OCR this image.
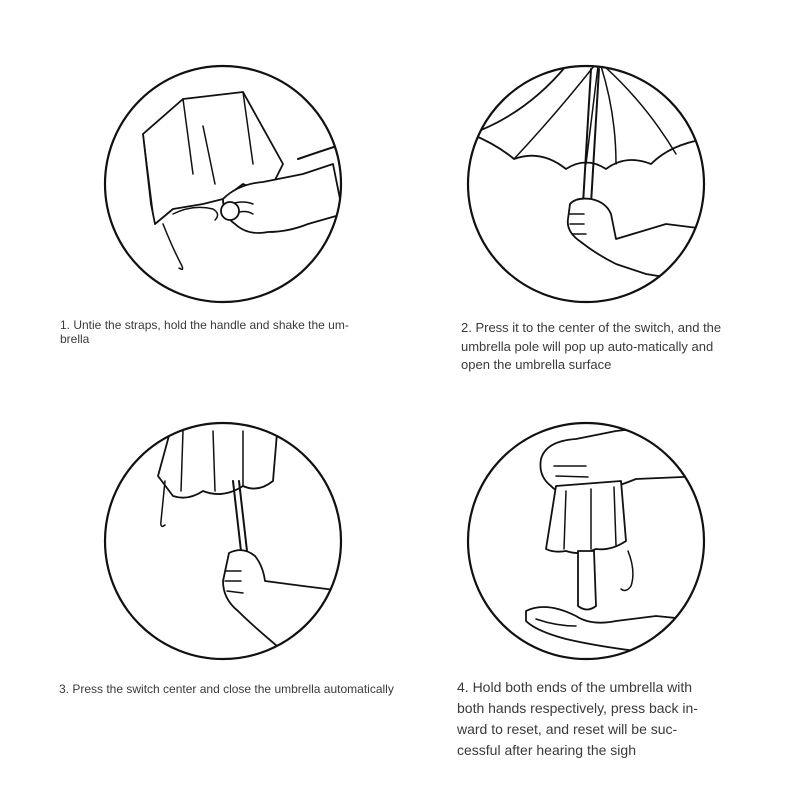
1. Untie the straps, hold the handle and shake the um-brella

2. Press it to the center of the switch, and the umbrella pole will pop up auto-matically and open the umbrella surface

3. Press the switch center and close the umbrella automatically	4. Hold both ends of the umbrella with both hands respectively, press back in-ward to reset, and reset will be suc-cessful after hearing the sigh
